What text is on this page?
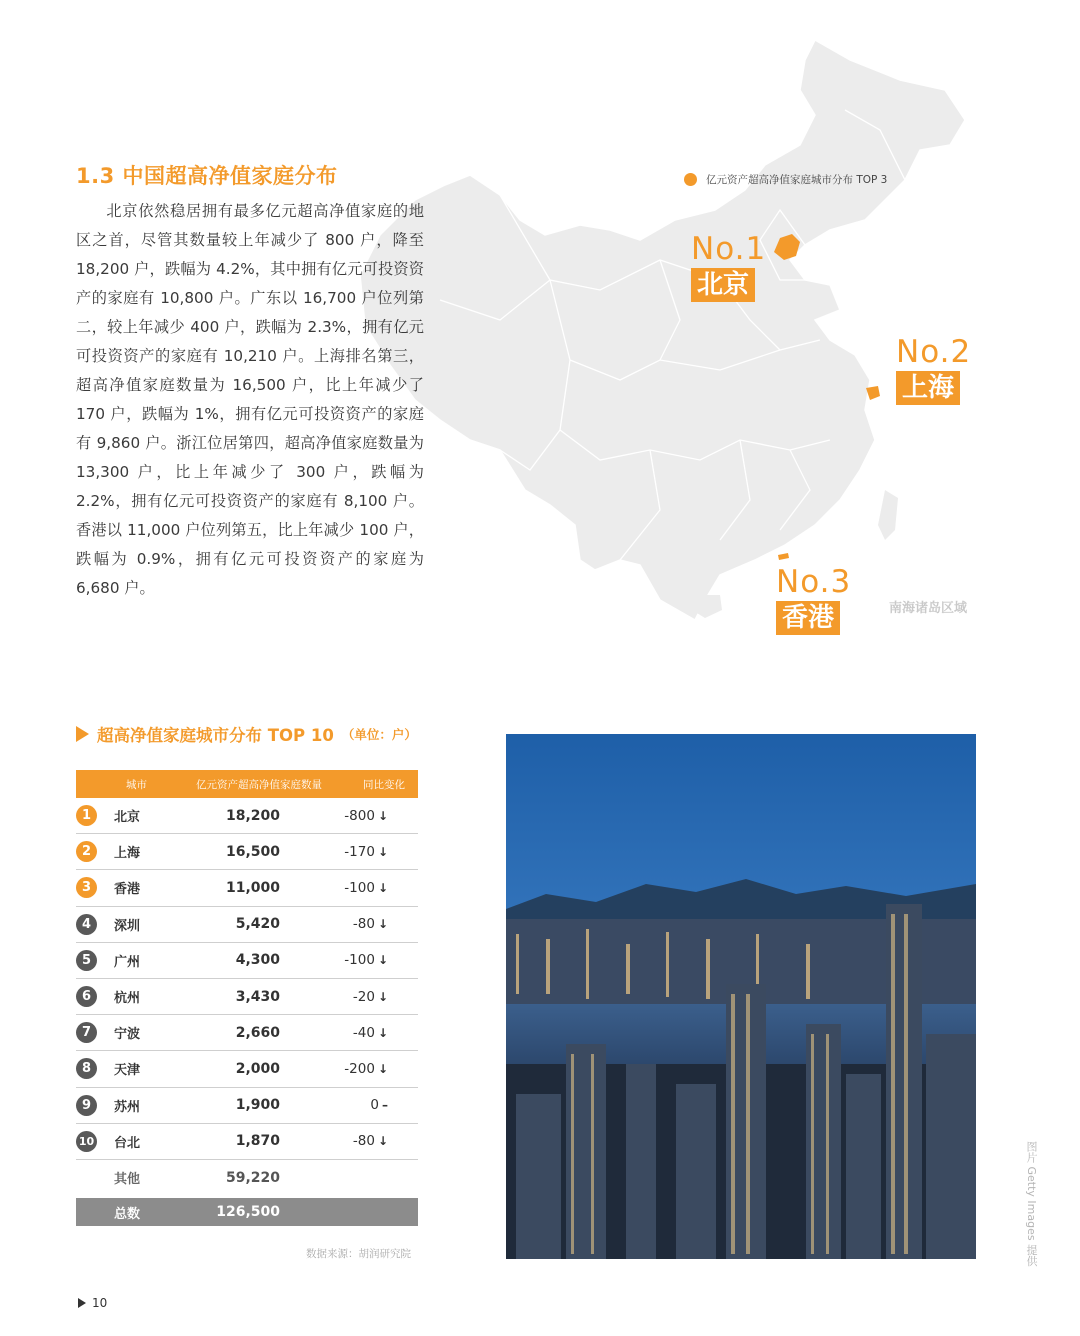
1.3 中国超高净值家庭分布

北京依然稳居拥有最多亿元超高净值家庭的地区之首，尽管其数量较上年减少了 800 户，降至 18,200 户，跌幅为 4.2%，其中拥有亿元可投资资产的家庭有 10,800 户。广东以 16,700 户位列第二，较上年减少 400 户，跌幅为 2.3%，拥有亿元可投资资产的家庭有 10,210 户。上海排名第三，超高净值家庭数量为 16,500 户，比上年减少了 170 户，跌幅为 1%，拥有亿元可投资资产的家庭有 9,860 户。浙江位居第四，超高净值家庭数量为 13,300 户，比上年减少了 300 户，跌幅为 2.2%，拥有亿元可投资资产的家庭有 8,100 户。香港以 11,000 户位列第五，比上年减少 100 户，跌幅为 0.9%，拥有亿元可投资资产的家庭为 6,680 户。

亿元资产超高净值家庭城市分布 TOP 3
No.1
北京
No.2
上海
No.3
香港	南海诸岛区域
超高净值家庭城市分布 TOP 10 （单位：户）
城市	亿元资产超高净值家庭数量	同比变化
1	北京	18,200	-800 ↓
2	上海	16,500	-170 ↓
3	香港	11,000	-100 ↓
4	深圳	5,420	-80 ↓
5	广州	4,300	-100 ↓
6	杭州	3,430	-20 ↓
7	宁波	2,660	-40 ↓
8	天津	2,000	-200 ↓
9	苏州	1,900	0 –
10 台北	1,870	-80 ↓
其他	59,220
总数	126,500
数据来源：胡润研究院	图片 Getty Images 提供
10
